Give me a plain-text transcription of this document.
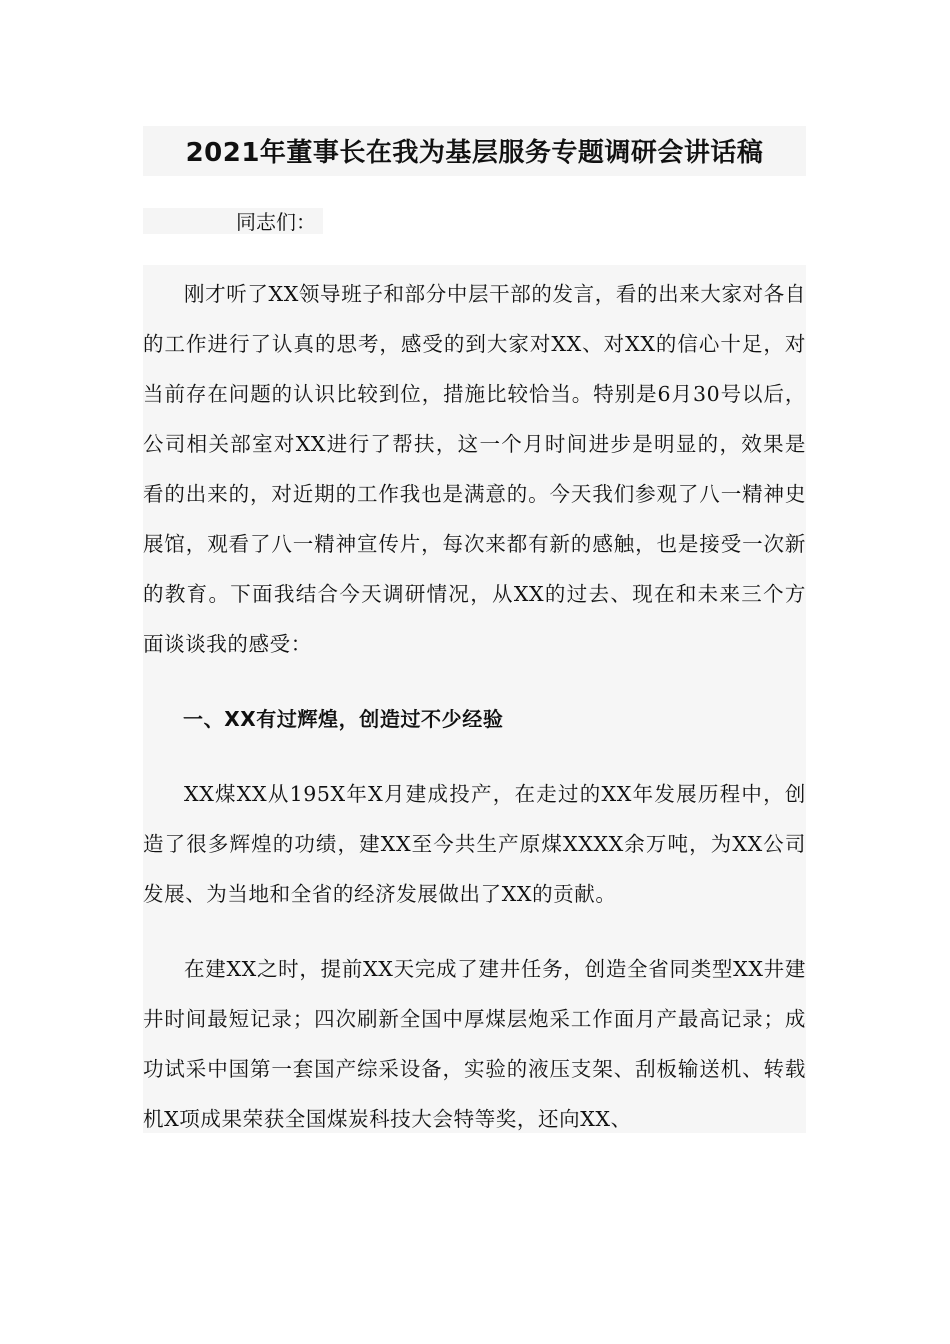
2021年董事长在我为基层服务专题调研会讲话稿

同志们：

刚才听了XX领导班子和部分中层干部的发言，看的出来大家对各自的工作进行了认真的思考，感受的到大家对XX、对XX的信心十足，对当前存在问题的认识比较到位，措施比较恰当。特别是6月30号以后，公司相关部室对XX进行了帮扶，这一个月时间进步是明显的，效果是看的出来的，对近期的工作我也是满意的。今天我们参观了八一精神史展馆，观看了八一精神宣传片，每次来都有新的感触，也是接受一次新的教育。下面我结合今天调研情况，从XX的过去、现在和未来三个方面谈谈我的感受：

一、XX有过辉煌，创造过不少经验

XX煤XX从195X年X月建成投产，在走过的XX年发展历程中，创造了很多辉煌的功绩，建XX至今共生产原煤XXXX余万吨，为XX公司发展、为当地和全省的经济发展做出了XX的贡献。

在建XX之时，提前XX天完成了建井任务，创造全省同类型XX井建井时间最短记录；四次刷新全国中厚煤层炮采工作面月产最高记录；成功试采中国第一套国产综采设备，实验的液压支架、刮板输送机、转载机X项成果荣获全国煤炭科技大会特等奖，还向XX、
